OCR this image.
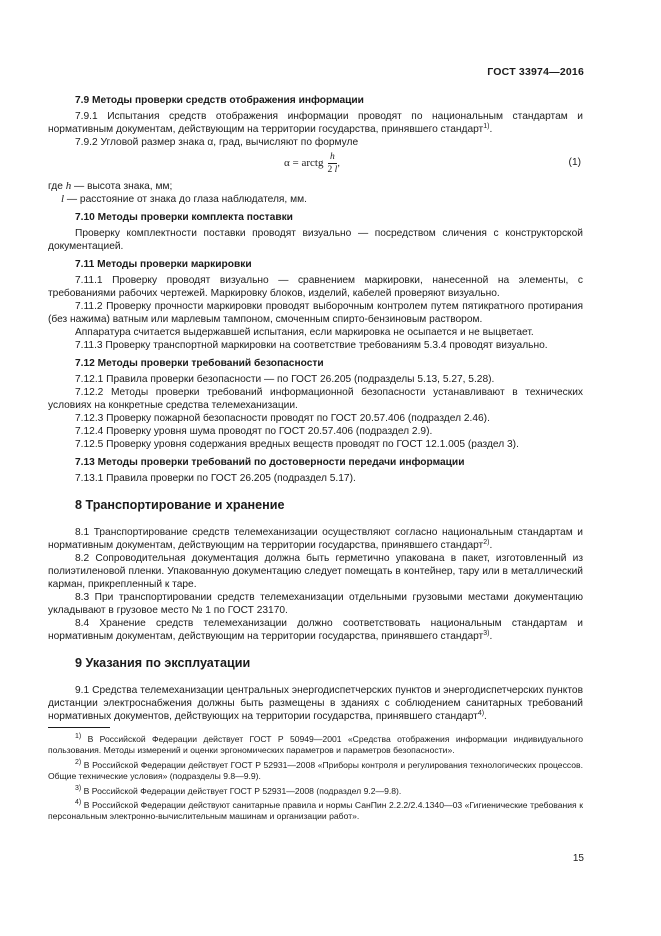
ГОСТ 33974—2016
7.9 Методы проверки средств отображения информации

7.9.1 Испытания средств отображения информации проводят по национальным стандартам и нормативным документам, действующим на территории государства, принявшего стандарт$^{1)}$.

7.9.2 Угловой размер знака α, град, вычисляют по формуле

α = arctg $\frac{h}{2 l}$ ,	(1)

где h — высота знака, мм;

l — расстояние от знака до глаза наблюдателя, мм.

7.10 Методы проверки комплекта поставки

Проверку комплектности поставки проводят визуально — посредством сличения с конструкторской документацией.

7.11 Методы проверки маркировки

7.11.1 Проверку проводят визуально — сравнением маркировки, нанесенной на элементы, с требованиями рабочих чертежей. Маркировку блоков, изделий, кабелей проверяют визуально.

7.11.2 Проверку прочности маркировки проводят выборочным контролем путем пятикратного протирания (без нажима) ватным или марлевым тампоном, смоченным спирто-бензиновым раствором.

Аппаратура считается выдержавшей испытания, если маркировка не осыпается и не выцветает.

7.11.3 Проверку транспортной маркировки на соответствие требованиям 5.3.4 проводят визуально.

7.12 Методы проверки требований безопасности

7.12.1 Правила проверки безопасности — по ГОСТ 26.205 (подразделы 5.13, 5.27, 5.28).

7.12.2 Методы проверки требований информационной безопасности устанавливают в технических условиях на конкретные средства телемеханизации.

7.12.3 Проверку пожарной безопасности проводят по ГОСТ 20.57.406 (подраздел 2.46).

7.12.4 Проверку уровня шума проводят по ГОСТ 20.57.406 (подраздел 2.9).

7.12.5 Проверку уровня содержания вредных веществ проводят по ГОСТ 12.1.005 (раздел 3).

7.13 Методы проверки требований по достоверности передачи информации

7.13.1 Правила проверки по ГОСТ 26.205 (подраздел 5.17).

8 Транспортирование и хранение

8.1 Транспортирование средств телемеханизации осуществляют согласно национальным стандартам и нормативным документам, действующим на территории государства, принявшего стандарт$^{2)}$.

8.2 Сопроводительная документация должна быть герметично упакована в пакет, изготовленный из полиэтиленовой пленки. Упакованную документацию следует помещать в контейнер, тару или в металлический карман, прикрепленный к таре.

8.3 При транспортировании средств телемеханизации отдельными грузовыми местами документацию укладывают в грузовое место № 1 по ГОСТ 23170.

8.4 Хранение средств телемеханизации должно соответствовать национальным стандартам и нормативным документам, действующим на территории государства, принявшего стандарт$^{3)}$.

9 Указания по эксплуатации

9.1 Средства телемеханизации центральных энергодиспетчерских пунктов и энергодиспетчерских пунктов дистанции электроснабжения должны быть размещены в зданиях с соблюдением санитарных требований нормативных документов, действующих на территории государства, принявшего стандарт$^{4)}$.

$^{1)}$ В Российской Федерации действует ГОСТ Р 50949—2001 «Средства отображения информации индивидуального пользования. Методы измерений и оценки эргономических параметров и параметров безопасности».

$^{2)}$ В Российской Федерации действует ГОСТ Р 52931—2008 «Приборы контроля и регулирования технологических процессов. Общие технические условия» (подразделы 9.8—9.9).

$^{3)}$ В Российской Федерации действует ГОСТ Р 52931—2008 (подраздел 9.2—9.8).

$^{4)}$ В Российской Федерации действуют санитарные правила и нормы СанПин 2.2.2/2.4.1340—03 «Гигиенические требования к персональным электронно-вычислительным машинам и организации работ».

15
